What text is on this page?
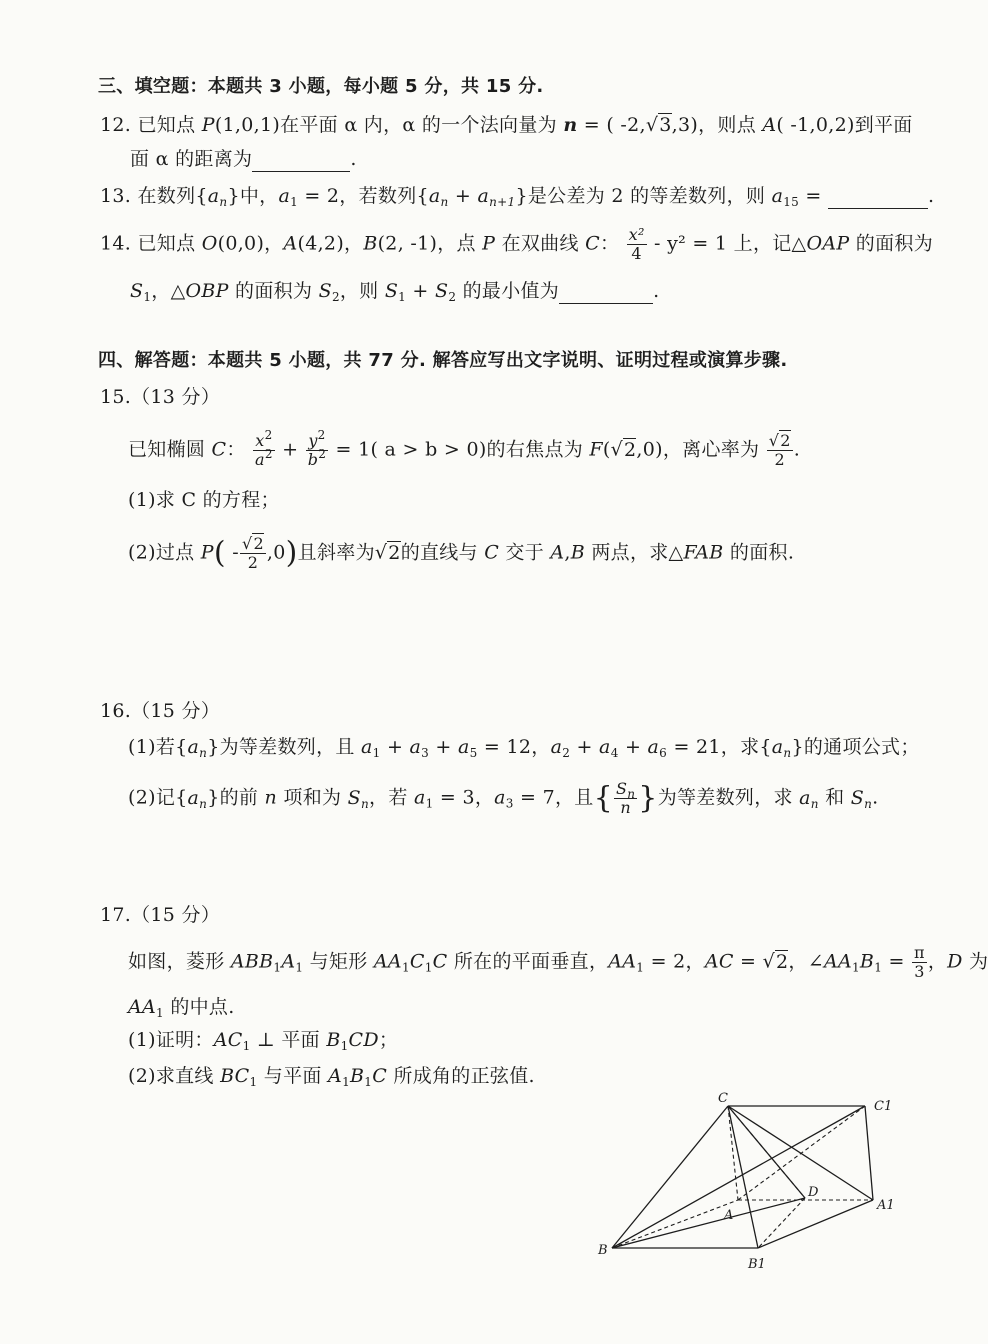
三、填空题：本题共 3 小题，每小题 5 分，共 15 分.
12. 已知点 P(1,0,1)在平面 α 内，α 的一个法向量为 n = ( -2,√3,3)，则点 A( -1,0,2)到平面
面 α 的距离为	.
13. 在数列$\{a_n\}$中，$a_1 = 2$，若数列$\{a_n + a_{n+1}\}$是公差为 2 的等差数列，则 $a_{15}$ =	.
14. 已知点 O(0,0)，A(4,2)，B(2, -1)，点 P 在双曲线 C： $\frac{\text{x²}}{4} - y^2 = 1$ 上，记△OAP 的面积为
$S_1$，△OBP 的面积为 $S_2$，则 $S_1 + S_2$ 的最小值为	.
四、解答题：本题共 5 小题，共 77 分. 解答应写出文字说明、证明过程或演算步骤.
15.（13 分）
已知椭圆 C： $\frac{x^2}{a^2} + \frac{y^2}{b^2} = 1$( a > b > 0)的右焦点为 F(√2,0)，离心率为 $\frac{√2}{2}$ .
(1)求 C 的方程；
(2)过点 $P( - \frac{√2}{2} ,0)$且斜率为√2的直线与 C 交于 A,B 两点，求△FAB 的面积.
16.（15 分）
(1)若$\{a_n\}$为等差数列，且 $a_1 + a_3 + a_5 = 12$，$a_2 + a_4 + a_6 = 21$，求$\{a_n\}$的通项公式；
(2)记$\{a_n\}$的前 n 项和为 $S_n$，若 $a_1 = 3$，$a_3 = 7$，且{ $\frac{S_n}{n}$ }为等差数列，求 $a_n$ 和 $S_n$.
17.（15 分）
如图，菱形 $ABB_1A_1$ 与矩形 $AA_1C_1C$ 所在的平面垂直，$AA_1 = 2$，AC = √2，$\angle AA_1B_1 = \frac{\pi}{3}$ ，D 为
$AA_1$ 的中点.
(1)证明：$AC_1$ ⊥ 平面 $B_1CD$；
(2)求直线 $BC_1$ 与平面 $A_1B_1C$ 所成角的正弦值.
C
C1
D
A
A1
B
B1
